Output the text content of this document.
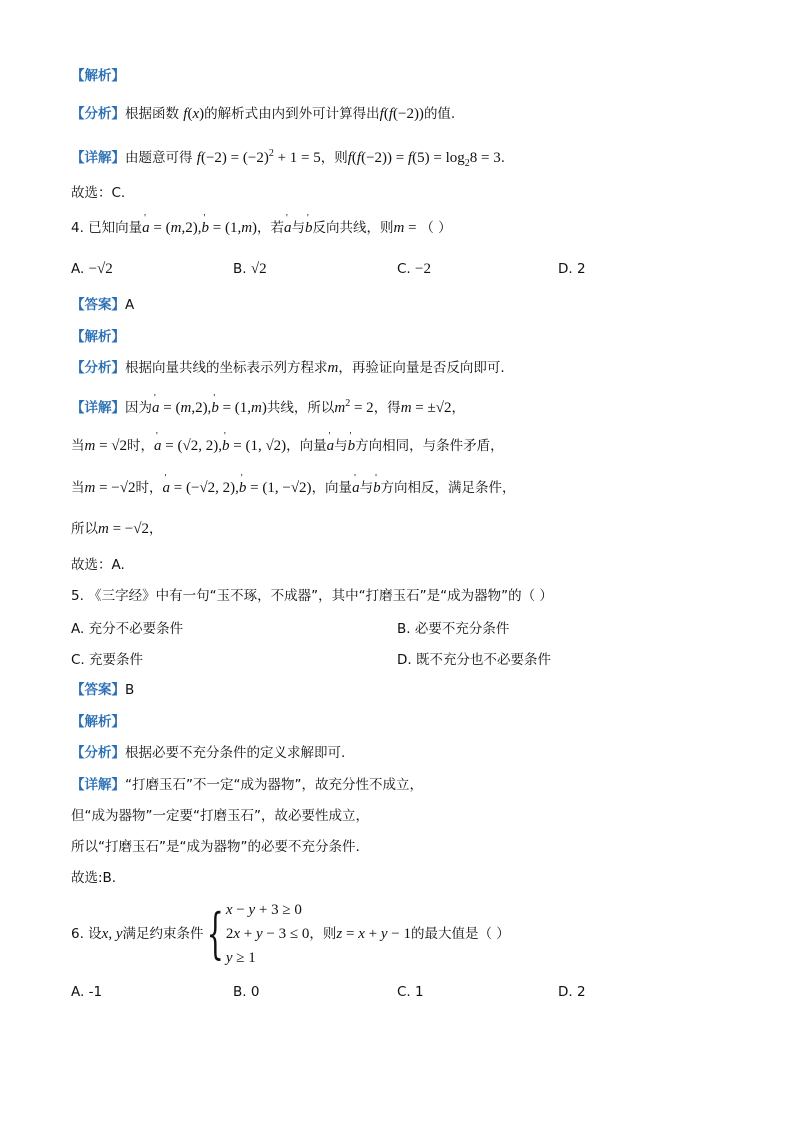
【解析】
【分析】根据函数 f(x)的解析式由内到外可计算得出f(f(−2))的值.
【详解】由题意可得 $f(-2) = (-2)^2 + 1 = 5$，则$f(f(-2)) = f(5) = \log_28 = 3$.
故选：C.
4. 已知向量' a = (m,2),' b = (1,m)，若' a与' b反向共线，则m = （ ）
A. −√2	B. √2	C. −2	D. 2
【答案】A
【解析】
【分析】根据向量共线的坐标表示列方程求m，再验证向量是否反向即可.
【详解】因为' a = (m,2),' b = (1,m)共线，所以$m^2 = 2$，得m = ±√2，
当m = √2时，' a = (√2, 2),' b = (1, √2)，向量' a与' b方向相同，与条件矛盾，
当m = −√2时，' a = (−√2, 2),' b = (1, −√2)，向量' a与' b方向相反，满足条件，
所以m = −√2，
故选：A.
5. 《三字经》中有一句“玉不琢，不成器”，其中“打磨玉石”是“成为器物”的（ ）
A. 充分不必要条件	B. 必要不充分条件
C. 充要条件	D. 既不充分也不必要条件
【答案】B
【解析】
【分析】根据必要不充分条件的定义求解即可.
【详解】“打磨玉石”不一定“成为器物”，故充分性不成立，
但“成为器物”一定要“打磨玉石”，故必要性成立，
所以“打磨玉石”是“成为器物”的必要不充分条件.
故选:B.
6. 设x, y满足约束条件{ x − y + 3 ≥ 0
2x + y − 3 ≤ 0
y ≥ 1，则z = x + y − 1的最大值是（ ）
A. -1	B. 0	C. 1	D. 2
